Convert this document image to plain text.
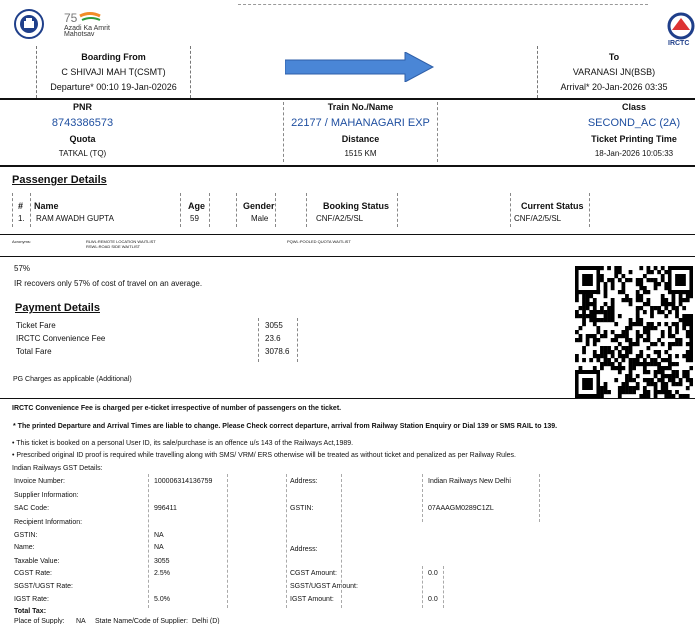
75
Azadi Ka Amrit Mahotsav
IRCTC
Boarding From
C SHIVAJI MAH T(CSMT)
Departure* 00:10 19-Jan-02026
To
VARANASI JN(BSB)
Arrival* 20-Jan-2026 03:35
PNR
8743386573
Quota
TATKAL (TQ)
Train No./Name
22177 / MAHANAGARI EXP
Distance
1515 KM
Class
SECOND_AC (2A)
Ticket Printing Time
18-Jan-2026 10:05:33
Passenger Details
# Name	Age	Gender	Booking Status	Current Status
1. RAM AWADH GUPTA	59	Male	CNF/A2/5/SL	CNF/A2/5/SL
Acronyms:	RLWL:REMOTE LOCATION WAITLIST
RSWL:ROAD SIDE WAITLIST
PQWL:POOLED QUOTA WAITLIST
57%
IR recovers only 57% of cost of travel on an average.
Payment Details
Ticket Fare	3055
IRCTC Convenience Fee	23.6
Total Fare	3078.6
PG Charges as applicable (Additional)
IRCTC Convenience Fee is charged per e-ticket irrespective of number of passengers on the ticket.
* The printed Departure and Arrival Times are liable to change. Please Check correct departure, arrival from Railway Station Enquiry or Dial 139 or SMS RAIL to 139.
• This ticket is booked on a personal User ID, its sale/purchase is an offence u/s 143 of the Railways Act,1989.
• Prescribed original ID proof is required while travelling along with SMS/ VRM/ ERS otherwise will be treated as without ticket and penalized as per Railway Rules.
Indian Railways GST Details:
Invoice Number:	100006314136759	Address:	Indian Railways New Delhi
Supplier Information:
SAC Code:	996411	GSTIN:	07AAAGM0289C1ZL
Recipient Information:
GSTIN:	NA
Name:	NA	Address:
Taxable Value:	3055
CGST Rate:	2.5%	CGST Amount:	0.0
SGST/UGST Rate:	SGST/UGST Amount:
IGST Rate:	5.0%	IGST Amount:	0.0
Total Tax:
Place of Supply: NA State Name/Code of Supplier: Delhi (D)
